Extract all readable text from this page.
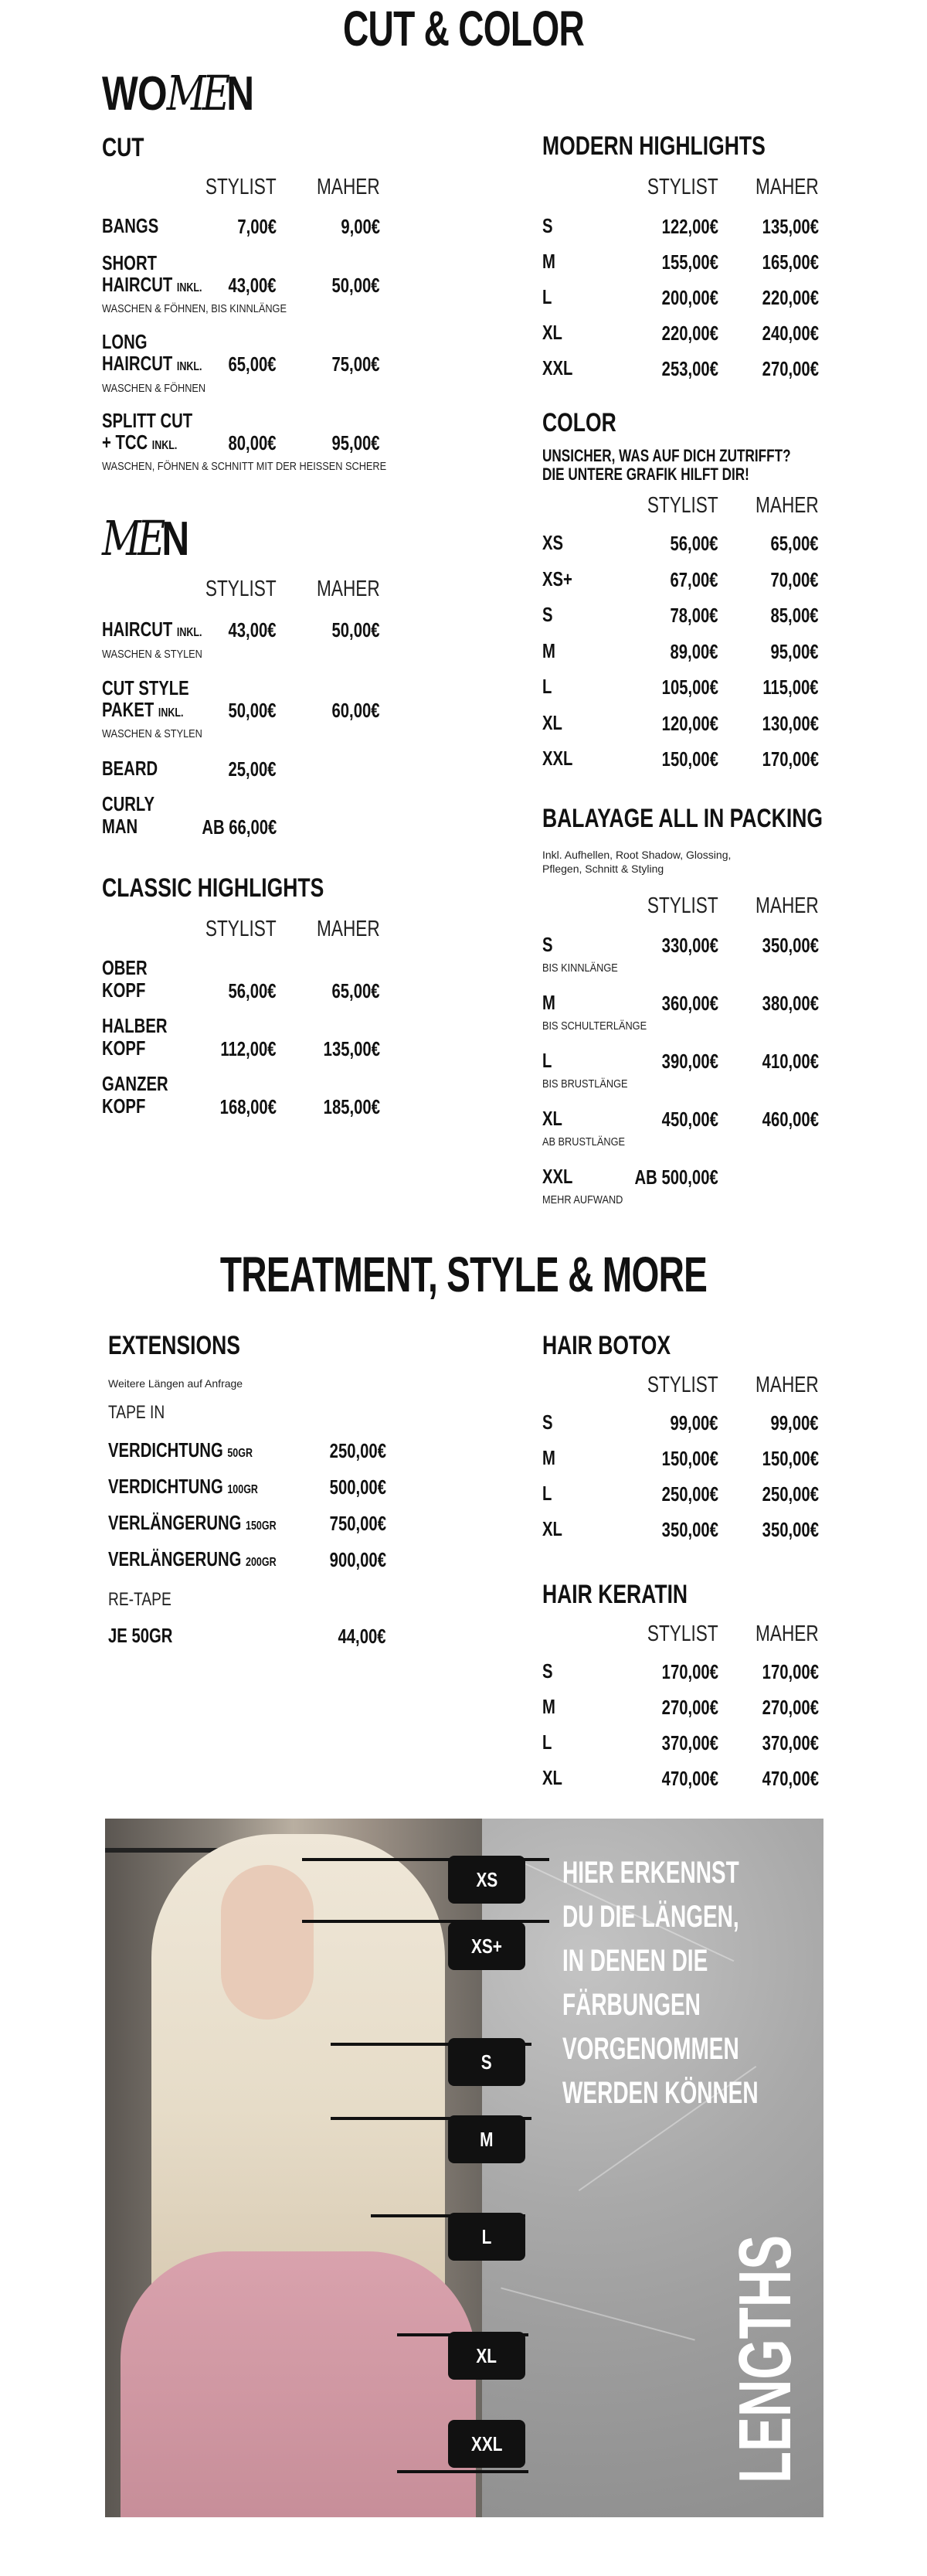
CUT & COLOR
WOMEN
CUT
STYLIST MAHER
BANGS	7,00€	9,00€
SHORT
HAIRCUT INKL.
WASCHEN & FÖHNEN, BIS KINNLÄNGE
43,00€	50,00€
LONG
HAIRCUT INKL.
WASCHEN & FÖHNEN
65,00€	75,00€
SPLITT CUT
+ TCC INKL.
WASCHEN, FÖHNEN & SCHNITT MIT DER HEISSEN SCHERE
80,00€	95,00€
MEN
STYLIST MAHER
HAIRCUT INKL.
WASCHEN & STYLEN
43,00€	50,00€
CUT STYLE
PAKET INKL.
WASCHEN & STYLEN
50,00€	60,00€
BEARD	25,00€
CURLY
MAN	AB 66,00€
CLASSIC HIGHLIGHTS
STYLIST MAHER
OBER
KOPF	56,00€	65,00€
HALBER
KOPF	112,00€ 135,00€
GANZER
KOPF	168,00€ 185,00€
MODERN HIGHLIGHTS
STYLIST MAHER
S	122,00€ 135,00€
M	155,00€ 165,00€
L	200,00€ 220,00€
XL	220,00€ 240,00€
XXL	253,00€ 270,00€
COLOR
UNSICHER, WAS AUF DICH ZUTRIFFT?
DIE UNTERE GRAFIK HILFT DIR!
STYLIST MAHER
XS	56,00€	65,00€
XS+	67,00€	70,00€
S	78,00€	85,00€
M	89,00€	95,00€
L	105,00€ 115,00€
XL	120,00€ 130,00€
XXL	150,00€ 170,00€
BALAYAGE ALL IN PACKING
Inkl. Aufhellen, Root Shadow, Glossing,
Pflegen, Schnitt & Styling
STYLIST MAHER
S	330,00€ 350,00€
BIS KINNLÄNGE
M	360,00€ 380,00€
BIS SCHULTERLÄNGE
L	390,00€ 410,00€
BIS BRUSTLÄNGE
XL	450,00€ 460,00€
AB BRUSTLÄNGE
XXL	AB 500,00€
MEHR AUFWAND
TREATMENT, STYLE & MORE
EXTENSIONS
Weitere Längen auf Anfrage
TAPE IN
VERDICHTUNG 50GR	250,00€
VERDICHTUNG 100GR	500,00€
VERLÄNGERUNG 150GR	750,00€
VERLÄNGERUNG 200GR	900,00€
RE-TAPE
JE 50GR	44,00€
HAIR BOTOX
STYLIST MAHER
S	99,00€	99,00€
M	150,00€ 150,00€
L	250,00€ 250,00€
XL	350,00€ 350,00€
HAIR KERATIN
STYLIST MAHER
S	170,00€ 170,00€
M	270,00€ 270,00€
L	370,00€ 370,00€
XL	470,00€ 470,00€
XS
XS+
S
M
L
XL
XXL
HIER ERKENNST
DU DIE LÄNGEN,
IN DENEN DIE
FÄRBUNGEN
VORGENOMMEN
WERDEN KÖNNEN
LENGTHS
